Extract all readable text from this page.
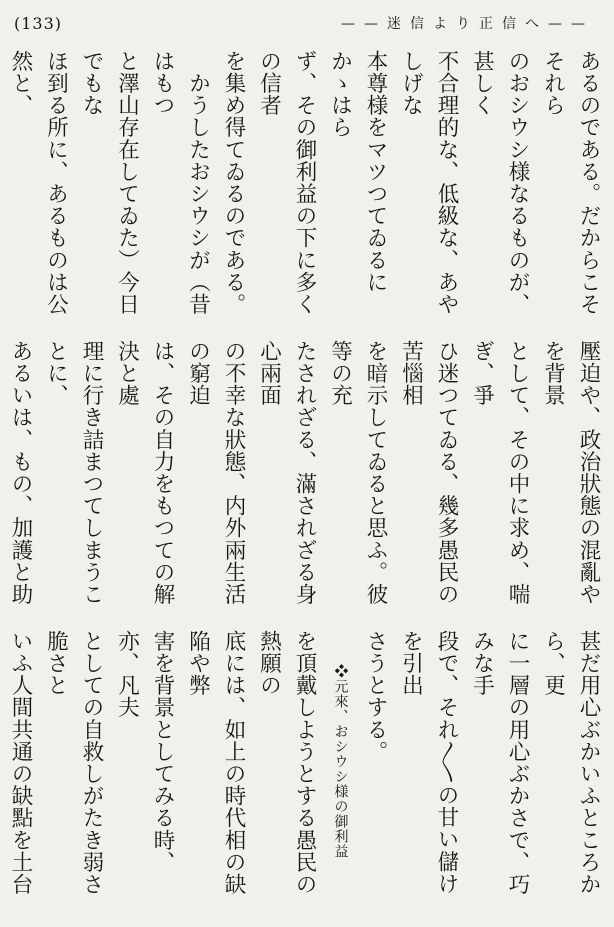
(133)	——迷信より正信へ——

あるのである。だからこそそれら

のおシウシ様なるものが、甚しく

不合理的な、低級な、あやしげな

本尊様をマツつてゐるにかゝはら

ず、その御利益の下に多くの信者

を集め得てゐるのである。

　かうしたおシウシが（昔はもつ

と澤山存在してゐた）今日でもな

ほ到る所に、あるものは公然と、

壓迫や、政治狀態の混亂やを背景

として、その中に求め、喘ぎ、爭

ひ迷つてゐる、幾多愚民の苦惱相

を暗示してゐると思ふ。彼等の充

たされざる、滿されざる身心兩面

の不幸な狀態、内外兩生活の窮迫

は、その自力をもつての解決と處

理に行き詰まつてしまうことに、

あるいは、もの、加護と助

甚だ用心ぶかいふところから、更

に一層の用心ぶかさで、巧みな手

段で、それ〳〵の甘い儲けを引出

さうとする。

❖元來、おシウシ様の御利益

を頂戴しようとする愚民の熱願の

底には、如上の時代相の缺陥や弊

害を背景としてみる時、亦、凡夫

としての自救しがたき弱さ脆さと

いふ人間共通の缺點を土台
